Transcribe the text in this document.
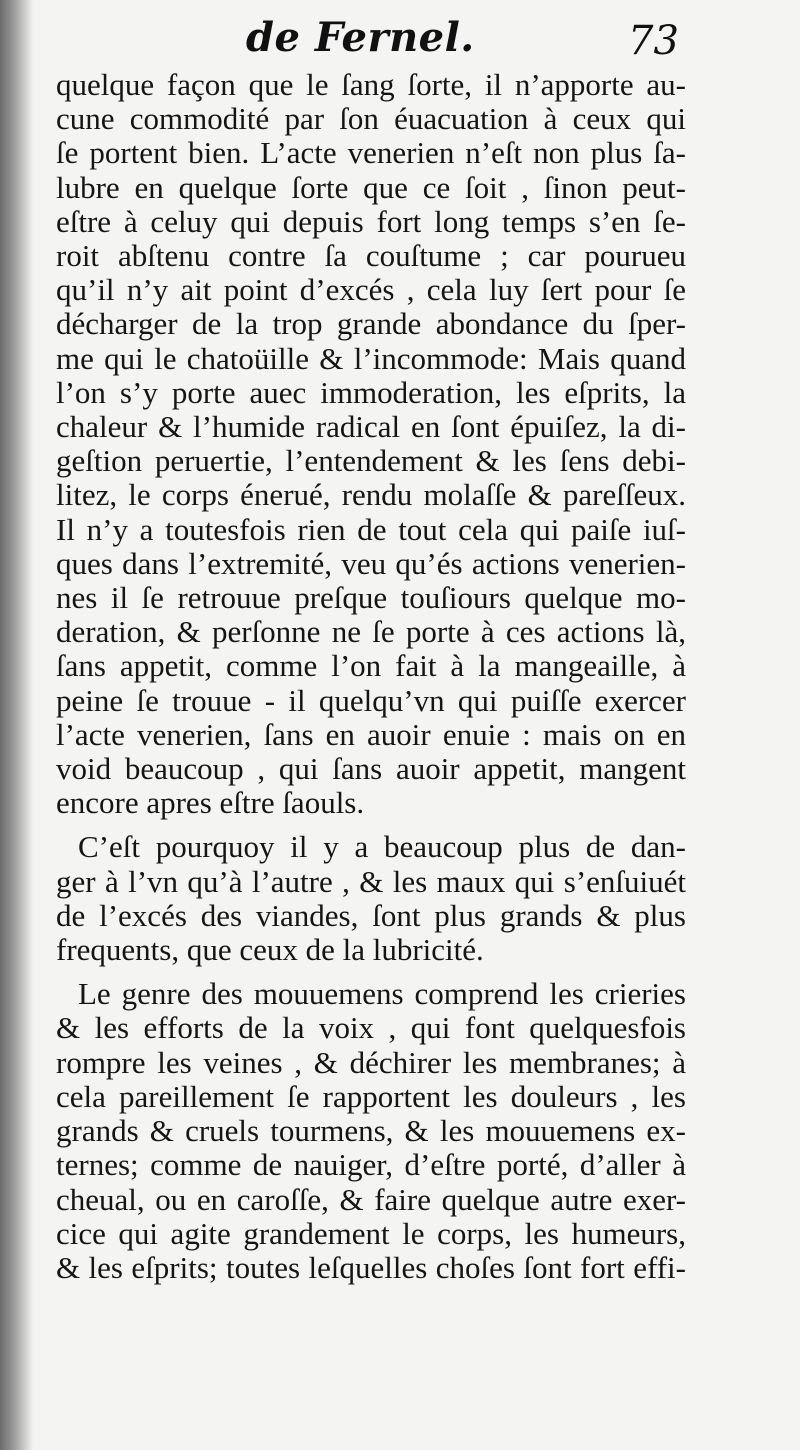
de Fernel.	73
quelque façon que le ſang ſorte, il n’apporte au-
cune commodité par ſon éuacuation à ceux qui
ſe portent bien. L’acte venerien n’eſt non plus ſa-
lubre en quelque ſorte que ce ſoit , ſinon peut-
eſtre à celuy qui depuis fort long temps s’en ſe-
roit abſtenu contre ſa couſtume ; car pourueu
qu’il n’y ait point d’excés , cela luy ſert pour ſe
décharger de la trop grande abondance du ſper-
me qui le chatoüille & l’incommode: Mais quand
l’on s’y porte auec immoderation, les eſprits, la
chaleur & l’humide radical en ſont épuiſez, la di-
geſtion peruertie, l’entendement & les ſens debi-
litez, le corps énerué, rendu molaſſe & pareſſeux.
Il n’y a toutesfois rien de tout cela qui paiſe iuſ-
ques dans l’extremité, veu qu’és actions venerien-
nes il ſe retrouue preſque touſiours quelque mo-
deration, & perſonne ne ſe porte à ces actions là,
ſans appetit, comme l’on fait à la mangeaille, à
peine ſe trouue - il quelqu’vn qui puiſſe exercer
l’acte venerien, ſans en auoir enuie : mais on en
void beaucoup , qui ſans auoir appetit, mangent
encore apres eſtre ſaouls.
C’eſt pourquoy il y a beaucoup plus de dan-
ger à l’vn qu’à l’autre , & les maux qui s’enſuiuét
de l’excés des viandes, ſont plus grands & plus
frequents, que ceux de la lubricité.
Le genre des mouuemens comprend les crieries
& les efforts de la voix , qui font quelquesfois
rompre les veines , & déchirer les membranes; à
cela pareillement ſe rapportent les douleurs , les
grands & cruels tourmens, & les mouuemens ex-
ternes; comme de nauiger, d’eſtre porté, d’aller à
cheual, ou en caroſſe, & faire quelque autre exer-
cice qui agite grandement le corps, les humeurs,
& les eſprits; toutes leſquelles choſes ſont fort effi-
